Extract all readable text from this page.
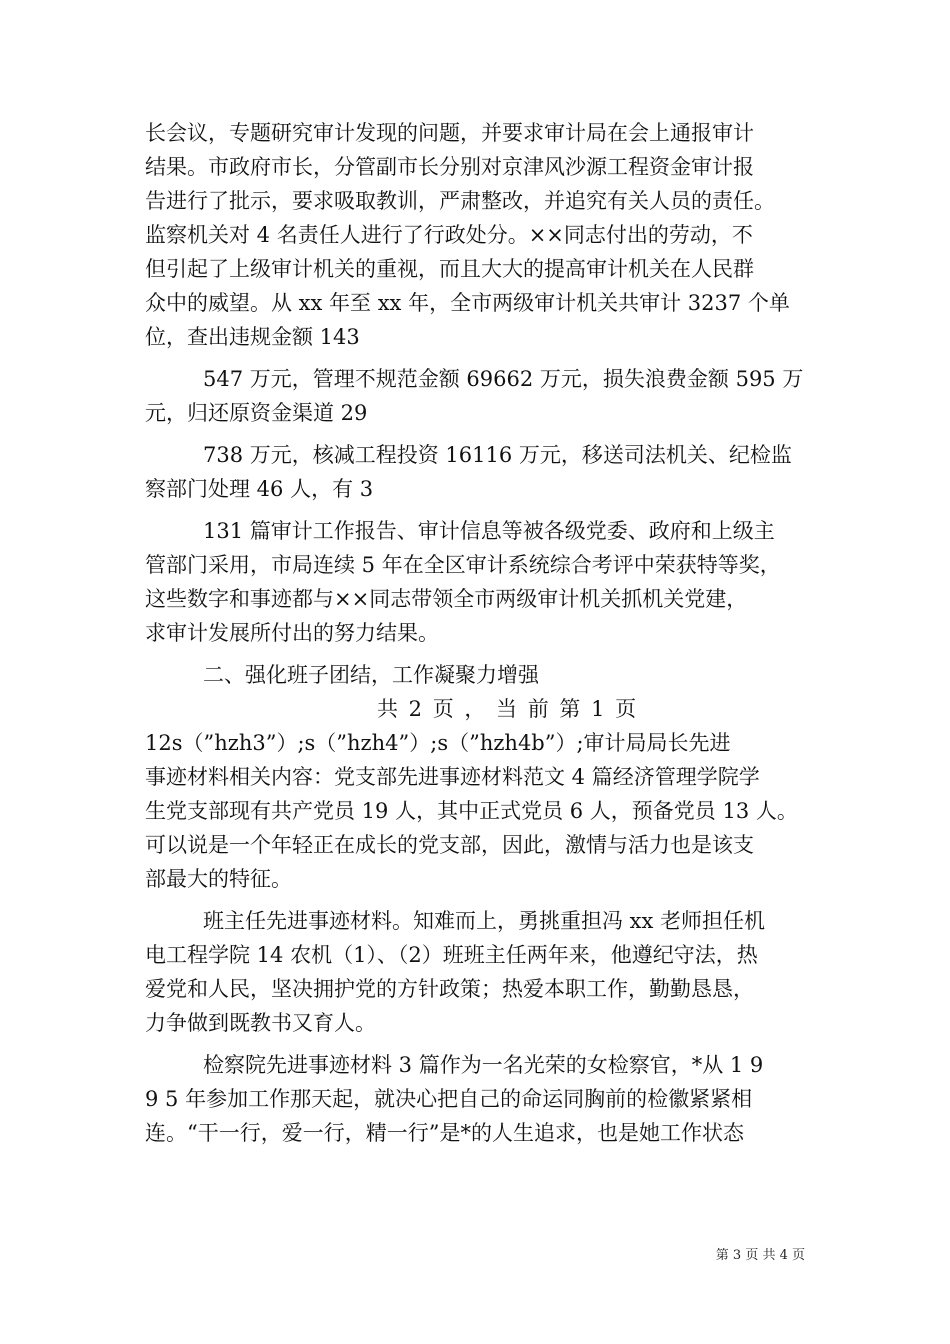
长会议，专题研究审计发现的问题，并要求审计局在会上通报审计
结果。市政府市长，分管副市长分别对京津风沙源工程资金审计报
告进行了批示，要求吸取教训，严肃整改，并追究有关人员的责任。
监察机关对 4 名责任人进行了行政处分。××同志付出的劳动，不
但引起了上级审计机关的重视，而且大大的提高审计机关在人民群
众中的威望。从 xx 年至 xx 年，全市两级审计机关共审计 3237 个单
位，查出违规金额 143
547 万元，管理不规范金额 69662 万元，损失浪费金额 595 万
元，归还原资金渠道 29
738 万元，核减工程投资 16116 万元，移送司法机关、纪检监
察部门处理 46 人，有 3
131 篇审计工作报告、审计信息等被各级党委、政府和上级主
管部门采用，市局连续 5 年在全区审计系统综合考评中荣获特等奖，
这些数字和事迹都与××同志带领全市两级审计机关抓机关党建，
求审计发展所付出的努力结果。
二、强化班子团结，工作凝聚力增强
共 2 页 ， 当 前 第 1 页
12s（”hzh3”）;s（”hzh4”）;s（”hzh4b”）;审计局局长先进
事迹材料相关内容：党支部先进事迹材料范文 4 篇经济管理学院学
生党支部现有共产党员 19 人，其中正式党员 6 人，预备党员 13 人。
可以说是一个年轻正在成长的党支部，因此，激情与活力也是该支
部最大的特征。
班主任先进事迹材料。知难而上，勇挑重担冯 xx 老师担任机
电工程学院 14 农机（1）、（2）班班主任两年来，他遵纪守法，热
爱党和人民，坚决拥护党的方针政策；热爱本职工作，勤勤恳恳，
力争做到既教书又育人。
检察院先进事迹材料 3 篇作为一名光荣的女检察官，*从 1 9
9 5 年参加工作那天起，就决心把自己的命运同胸前的检徽紧紧相
连。“干一行，爱一行，精一行”是*的人生追求，也是她工作状态
第 3 页 共 4 页
